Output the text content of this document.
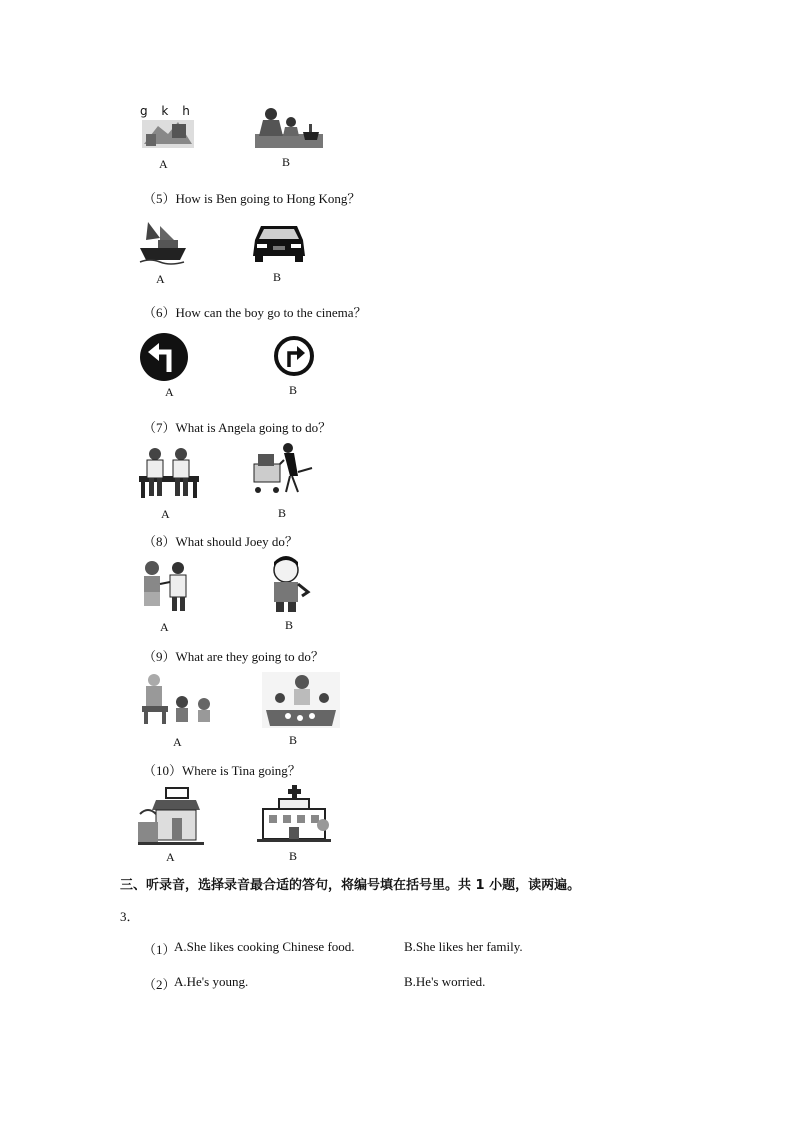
g k h
A	B
（5）How is Ben going to Hong Kong？
A	B
（6）How can the boy go to the cinema？
A	B
（7）What is Angela going to do？
A	B
（8）What should Joey do？
A	B
（9）What are they going to do？
A	B
（10）Where is Tina going？
A	B
三、听录音，选择录音最合适的答句，将编号填在括号里。共 1 小题，读两遍。
3．
（1）
A.She likes cooking Chinese food.	B.She likes her family.
（2）
A.He's young.	B.He's worried.
